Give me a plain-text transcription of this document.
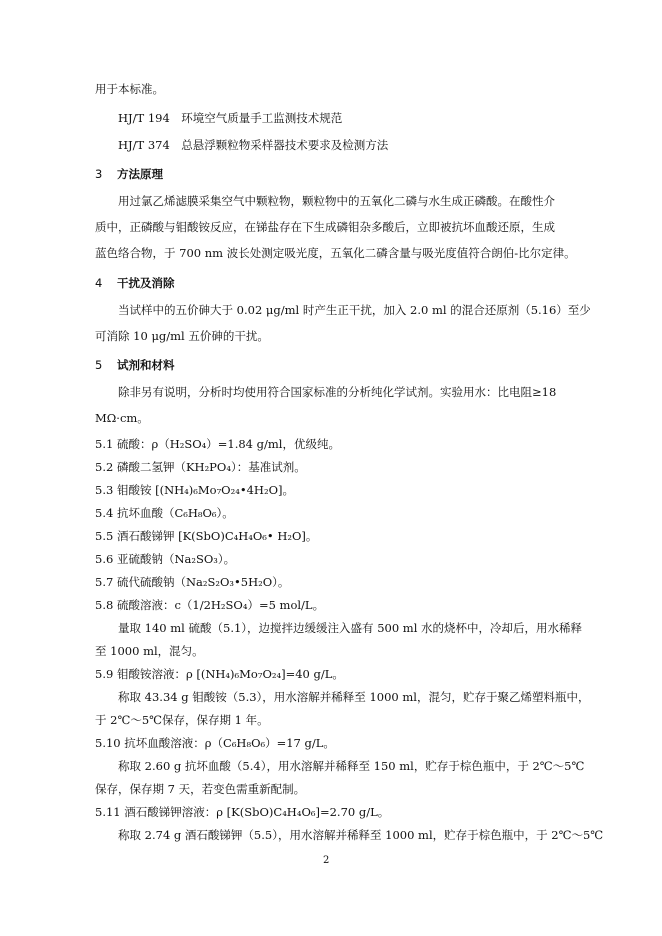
用于本标准。
HJ/T 194　环境空气质量手工监测技术规范
HJ/T 374　总悬浮颗粒物采样器技术要求及检测方法
3 方法原理
用过氯乙烯滤膜采集空气中颗粒物，颗粒物中的五氧化二磷与水生成正磷酸。在酸性介
质中，正磷酸与钼酸铵反应，在锑盐存在下生成磷钼杂多酸后，立即被抗坏血酸还原，生成
蓝色络合物，于 700 nm 波长处测定吸光度，五氧化二磷含量与吸光度值符合朗伯-比尔定律。
4 干扰及消除
当试样中的五价砷大于 0.02 μg/ml 时产生正干扰，加入 2.0 ml 的混合还原剂（5.16）至少
可消除 10 μg/ml 五价砷的干扰。
5 试剂和材料
除非另有说明，分析时均使用符合国家标准的分析纯化学试剂。实验用水：比电阻≥18
MΩ·cm。
5.1 硫酸：ρ（H₂SO₄）=1.84 g/ml，优级纯。
5.2 磷酸二氢钾（KH₂PO₄）：基准试剂。
5.3 钼酸铵 [(NH₄)₆Mo₇O₂₄•4H₂O]。
5.4 抗坏血酸（C₆H₈O₆）。
5.5 酒石酸锑钾 [K(SbO)C₄H₄O₆• H₂O]。
5.6 亚硫酸钠（Na₂SO₃）。
5.7 硫代硫酸钠（Na₂S₂O₃•5H₂O）。
5.8 硫酸溶液：c（1/2H₂SO₄）=5 mol/L。
量取 140 ml 硫酸（5.1），边搅拌边缓缓注入盛有 500 ml 水的烧杯中，冷却后，用水稀释
至 1000 ml，混匀。
5.9 钼酸铵溶液：ρ [(NH₄)₆Mo₇O₂₄]=40 g/L。
称取 43.34 g 钼酸铵（5.3），用水溶解并稀释至 1000 ml，混匀，贮存于聚乙烯塑料瓶中，
于 2℃～5℃保存，保存期 1 年。
5.10 抗坏血酸溶液：ρ（C₆H₈O₆）=17 g/L。
称取 2.60 g 抗坏血酸（5.4），用水溶解并稀释至 150 ml，贮存于棕色瓶中，于 2℃～5℃
保存，保存期 7 天，若变色需重新配制。
5.11 酒石酸锑钾溶液：ρ [K(SbO)C₄H₄O₆]=2.70 g/L。
称取 2.74 g 酒石酸锑钾（5.5），用水溶解并稀释至 1000 ml，贮存于棕色瓶中，于 2℃～5℃
2
